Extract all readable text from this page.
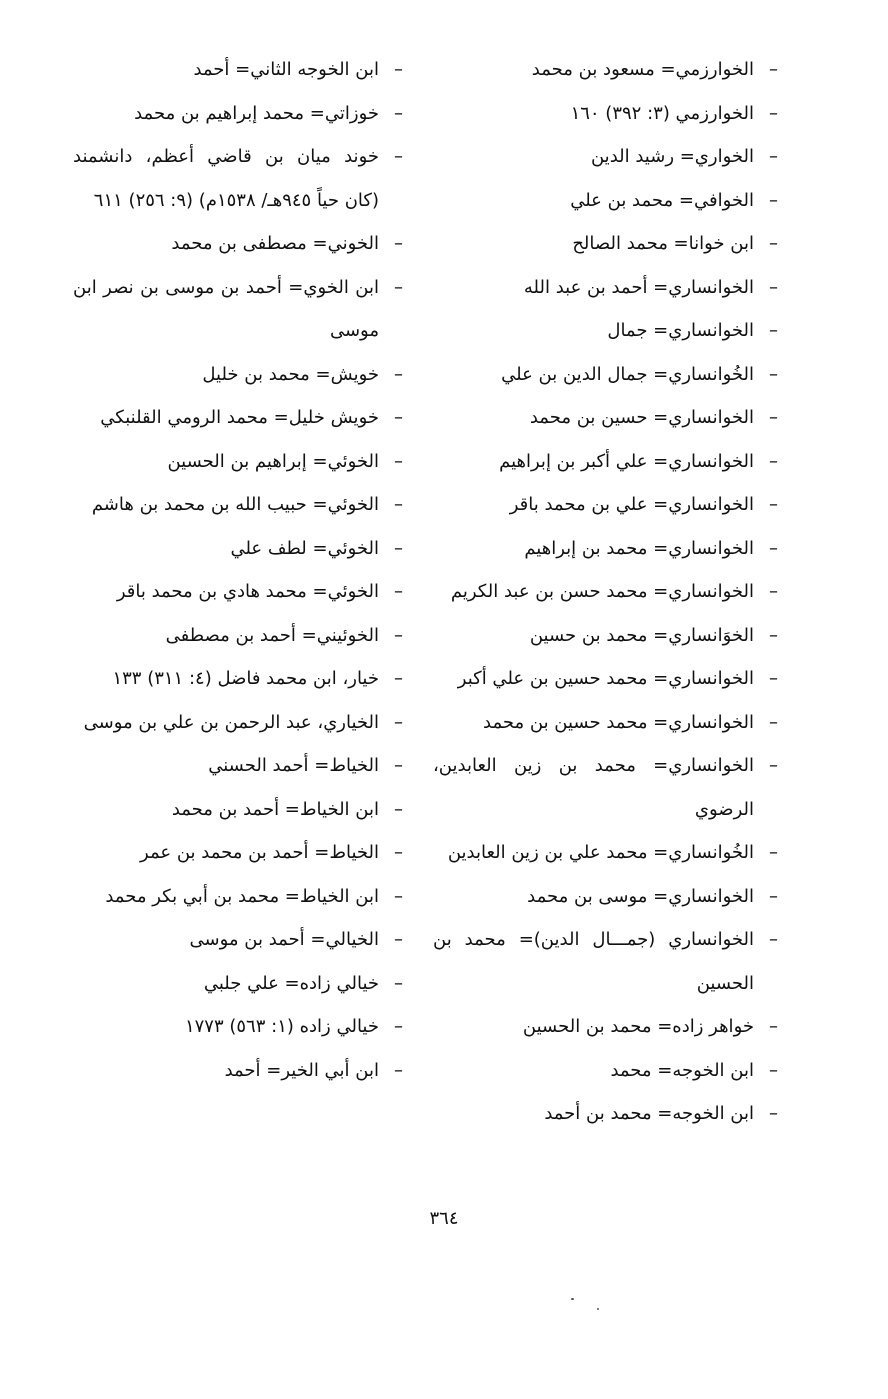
–
الخوارزمي= مسعود بن محمد
–
الخوارزمي (٣: ٣٩٢) ١٦٠
–
الخواري= رشيد الدين
–
الخوافي= محمد بن علي
–
ابن خوانا= محمد الصالح
–
الخوانساري= أحمد بن عبد الله
–
الخوانساري= جمال
–
الخُوانساري= جمال الدين بن علي
–
الخوانساري= حسين بن محمد
–
الخوانساري= علي أكبر بن إبراهيم
–
الخوانساري= علي بن محمد باقر
–
الخوانساري= محمد بن إبراهيم
–
الخوانساري= محمد حسن بن عبد الكريم
–
الخوَانساري= محمد بن حسين
–
الخوانساري= محمد حسين بن علي أكبر
–
الخوانساري= محمد حسين بن محمد
–
الخوانساري= محمد بن زين العابدين، الرضوي
–
الخُوانساري= محمد علي بن زين العابدين
–
الخوانساري= موسى بن محمد
–
الخوانساري (جمـــال الدين)= محمد بن الحسين
–
خواهر زاده= محمد بن الحسين
–
ابن الخوجه= محمد
–
ابن الخوجه= محمد بن أحمد
–
ابن الخوجه الثاني= أحمد
–
خوزاتي= محمد إبراهيم بن محمد
–
خوند ميان بن قاضي أعظم، دانشمند (كان حياً ٩٤٥هـ/ ١٥٣٨م) (٩: ٢٥٦) ٦١١
–
الخوني= مصطفى بن محمد
–
ابن الخوي= أحمد بن موسى بن نصر ابن موسى
–
خويش= محمد بن خليل
–
خويش خليل= محمد الرومي القلنبكي
–
الخوئي= إبراهيم بن الحسين
–
الخوئي= حبيب الله بن محمد بن هاشم
–
الخوئي= لطف علي
–
الخوئي= محمد هادي بن محمد باقر
–
الخوئيني= أحمد بن مصطفى
–
خيار، ابن محمد فاضل (٤: ٣١١) ١٣٣
–
الخياري، عبد الرحمن بن علي بن موسى
–
الخياط= أحمد الحسني
–
ابن الخياط= أحمد بن محمد
–
الخياط= أحمد بن محمد بن عمر
–
ابن الخياط= محمد بن أبي بكر محمد
–
الخيالي= أحمد بن موسى
–
خيالي زاده= علي جلبي
–
خيالي زاده (١: ٥٦٣) ١٧٧٣
–
ابن أبي الخير= أحمد
٣٦٤
